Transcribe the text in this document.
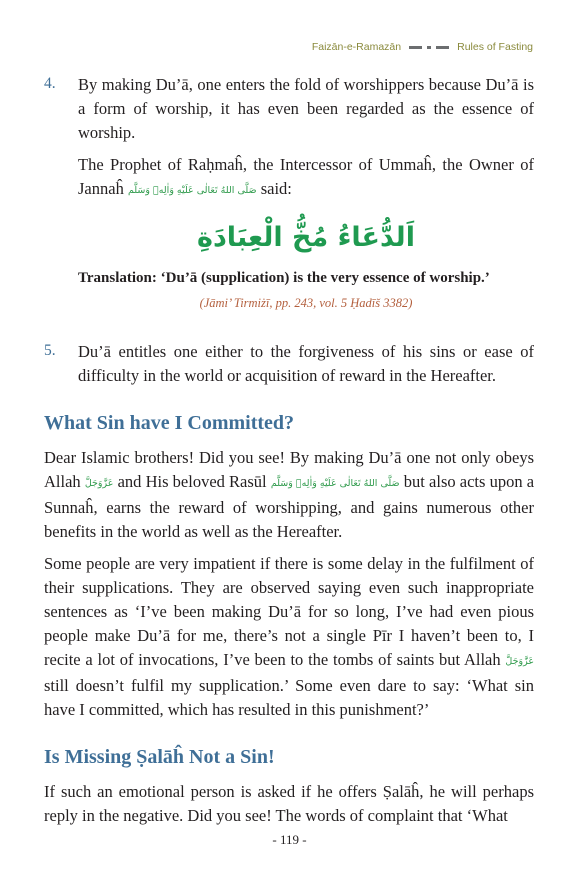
Faizān-e-Ramazān	Rules of Fasting
4. By making Du’ā, one enters the fold of worshippers because Du’ā is a form of worship, it has even been regarded as the essence of worship.

The Prophet of Raḥmaĥ, the Intercessor of Ummaĥ, the Owner of Jannaĥ صَلَّى اللهُ تَعَالٰى عَلَيْهِ وَاٰلِهٖ وَسَلَّم said:

اَلدُّعَاءُ مُخُّ الْعِبَادَةِ
Translation: ‘Du’ā (supplication) is the very essence of worship.’
(Jāmi’ Tirmiżī, pp. 243, vol. 5 Ḥadīš 3382)
5. Du’ā entitles one either to the forgiveness of his sins or ease of difficulty in the world or acquisition of reward in the Hereafter.

What Sin have I Committed?

Dear Islamic brothers! Did you see! By making Du’ā one not only obeys Allah عَزَّوَجَلَّ and His beloved Rasūl صَلَّى اللهُ تَعَالٰى عَلَيْهِ وَاٰلِهٖ وَسَلَّم but also acts upon a Sunnaĥ, earns the reward of worshipping, and gains numerous other benefits in the world as well as the Hereafter.

Some people are very impatient if there is some delay in the fulfilment of their supplications. They are observed saying even such inappropriate sentences as ‘I’ve been making Du’ā for so long, I’ve had even pious people make Du’ā for me, there’s not a single Pīr I haven’t been to, I recite a lot of invocations, I’ve been to the tombs of saints but Allah عَزَّوَجَلَّ still doesn’t fulfil my supplication.’ Some even dare to say: ‘What sin have I committed, which has resulted in this punishment?’

Is Missing Ṣalāĥ Not a Sin!

If such an emotional person is asked if he offers Ṣalāĥ, he will perhaps reply in the negative. Did you see! The words of complaint that ‘What

- 119 -
